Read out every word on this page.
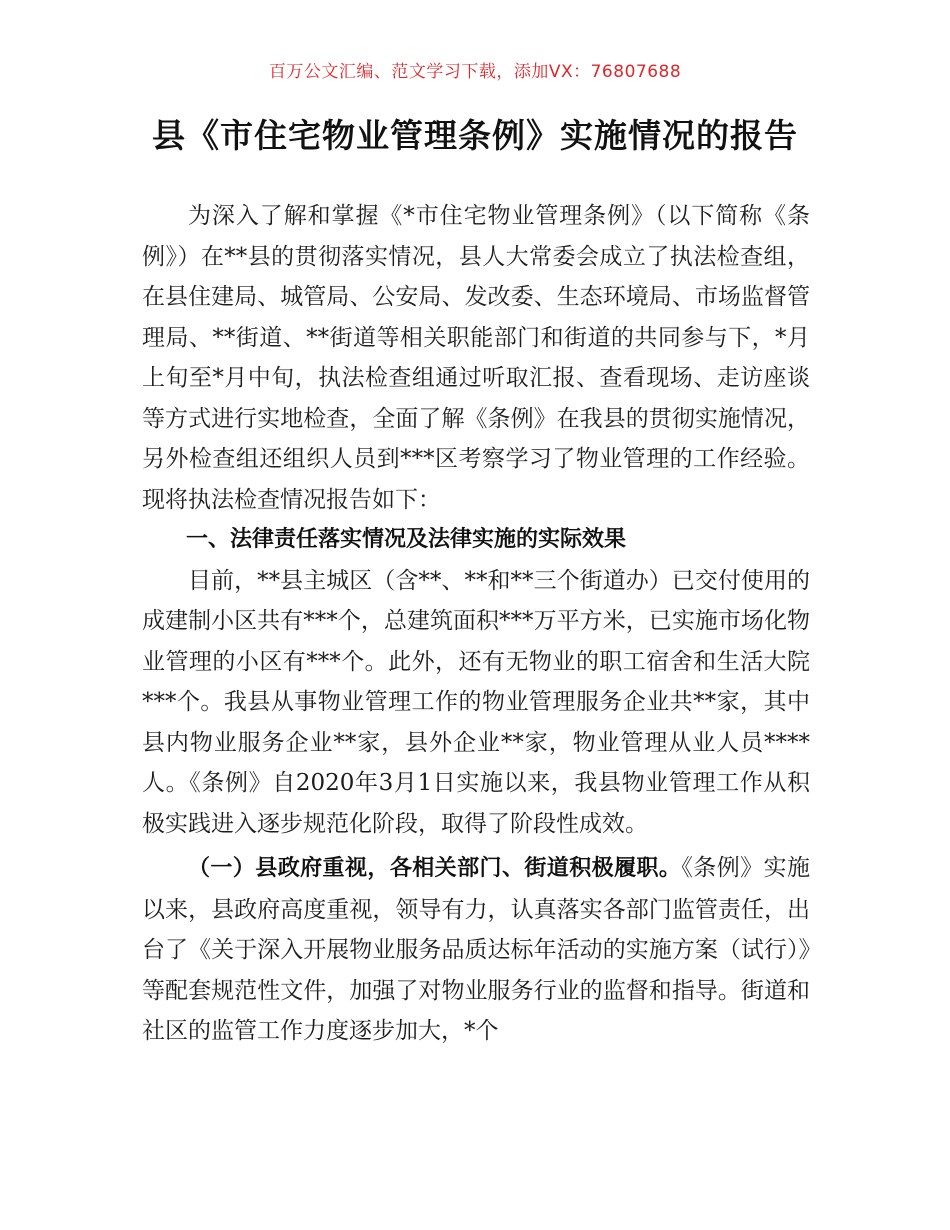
百万公文汇编、范文学习下载，添加VX：76807688
县《市住宅物业管理条例》实施情况的报告

为深入了解和掌握《*市住宅物业管理条例》（以下简称《条例》）在**县的贯彻落实情况，县人大常委会成立了执法检查组，在县住建局、城管局、公安局、发改委、生态环境局、市场监督管理局、**街道、**街道等相关职能部门和街道的共同参与下，*月上旬至*月中旬，执法检查组通过听取汇报、查看现场、走访座谈等方式进行实地检查，全面了解《条例》在我县的贯彻实施情况，另外检查组还组织人员到***区考察学习了物业管理的工作经验。现将执法检查情况报告如下：

一、法律责任落实情况及法律实施的实际效果

目前，**县主城区（含**、**和**三个街道办）已交付使用的成建制小区共有***个，总建筑面积***万平方米，已实施市场化物业管理的小区有***个。此外，还有无物业的职工宿舍和生活大院***个。我县从事物业管理工作的物业管理服务企业共**家，其中县内物业服务企业**家，县外企业**家，物业管理从业人员****人。《条例》自2020年3月1日实施以来，我县物业管理工作从积极实践进入逐步规范化阶段，取得了阶段性成效。

（一）县政府重视，各相关部门、街道积极履职。《条例》实施以来，县政府高度重视，领导有力，认真落实各部门监管责任，出台了《关于深入开展物业服务品质达标年活动的实施方案（试行）》等配套规范性文件，加强了对物业服务行业的监督和指导。街道和社区的监管工作力度逐步加大，*个
